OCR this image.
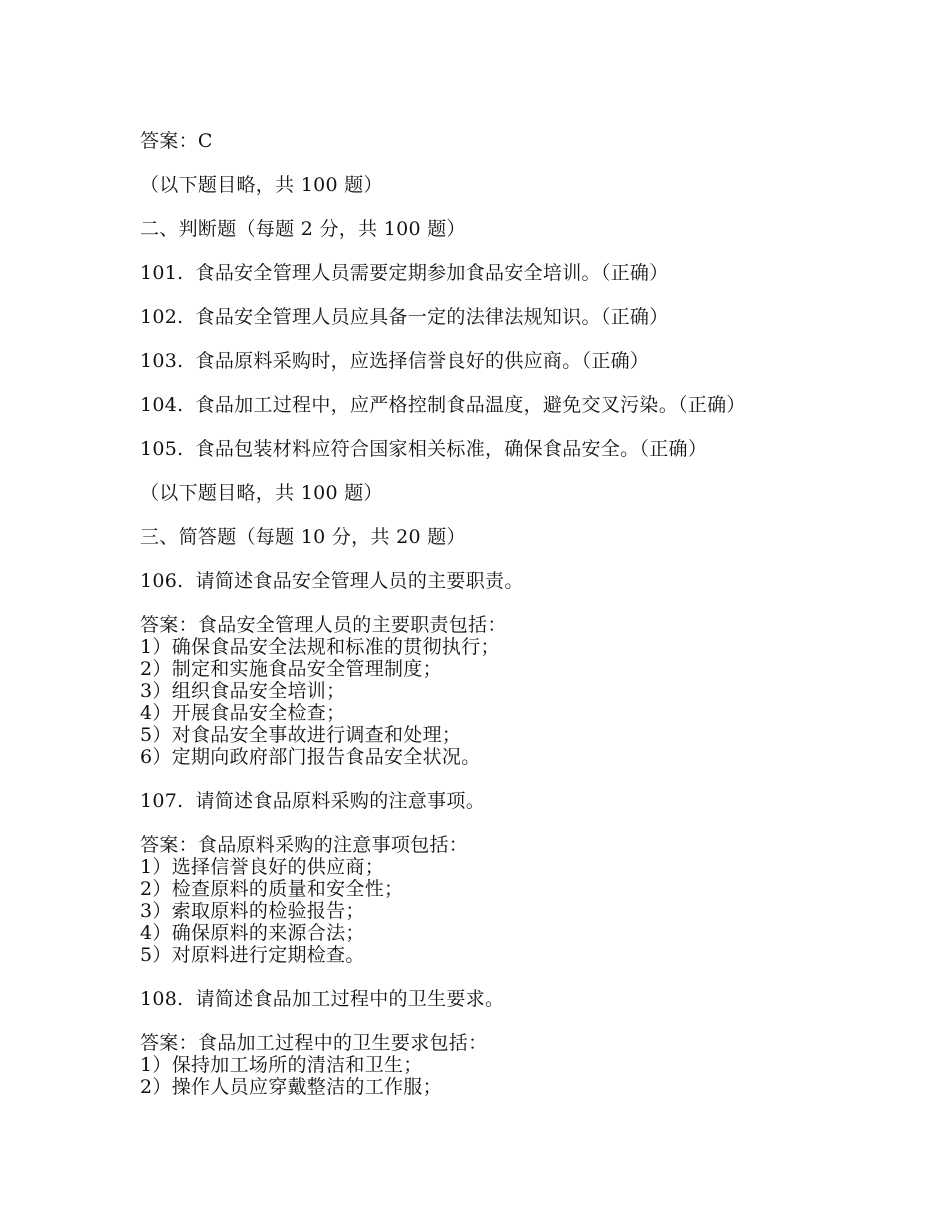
答案：C

（以下题目略，共 100 题）

二、判断题（每题 2 分，共 100 题）

101. 食品安全管理人员需要定期参加食品安全培训。（正确）

102. 食品安全管理人员应具备一定的法律法规知识。（正确）

103. 食品原料采购时，应选择信誉良好的供应商。（正确）

104. 食品加工过程中，应严格控制食品温度，避免交叉污染。（正确）

105. 食品包装材料应符合国家相关标准，确保食品安全。（正确）

（以下题目略，共 100 题）

三、简答题（每题 10 分，共 20 题）

106. 请简述食品安全管理人员的主要职责。

答案：食品安全管理人员的主要职责包括：
1）确保食品安全法规和标准的贯彻执行；
2）制定和实施食品安全管理制度；
3）组织食品安全培训；
4）开展食品安全检查；
5）对食品安全事故进行调查和处理；
6）定期向政府部门报告食品安全状况。

107. 请简述食品原料采购的注意事项。

答案：食品原料采购的注意事项包括：
1）选择信誉良好的供应商；
2）检查原料的质量和安全性；
3）索取原料的检验报告；
4）确保原料的来源合法；
5）对原料进行定期检查。

108. 请简述食品加工过程中的卫生要求。

答案：食品加工过程中的卫生要求包括：
1）保持加工场所的清洁和卫生；
2）操作人员应穿戴整洁的工作服；
